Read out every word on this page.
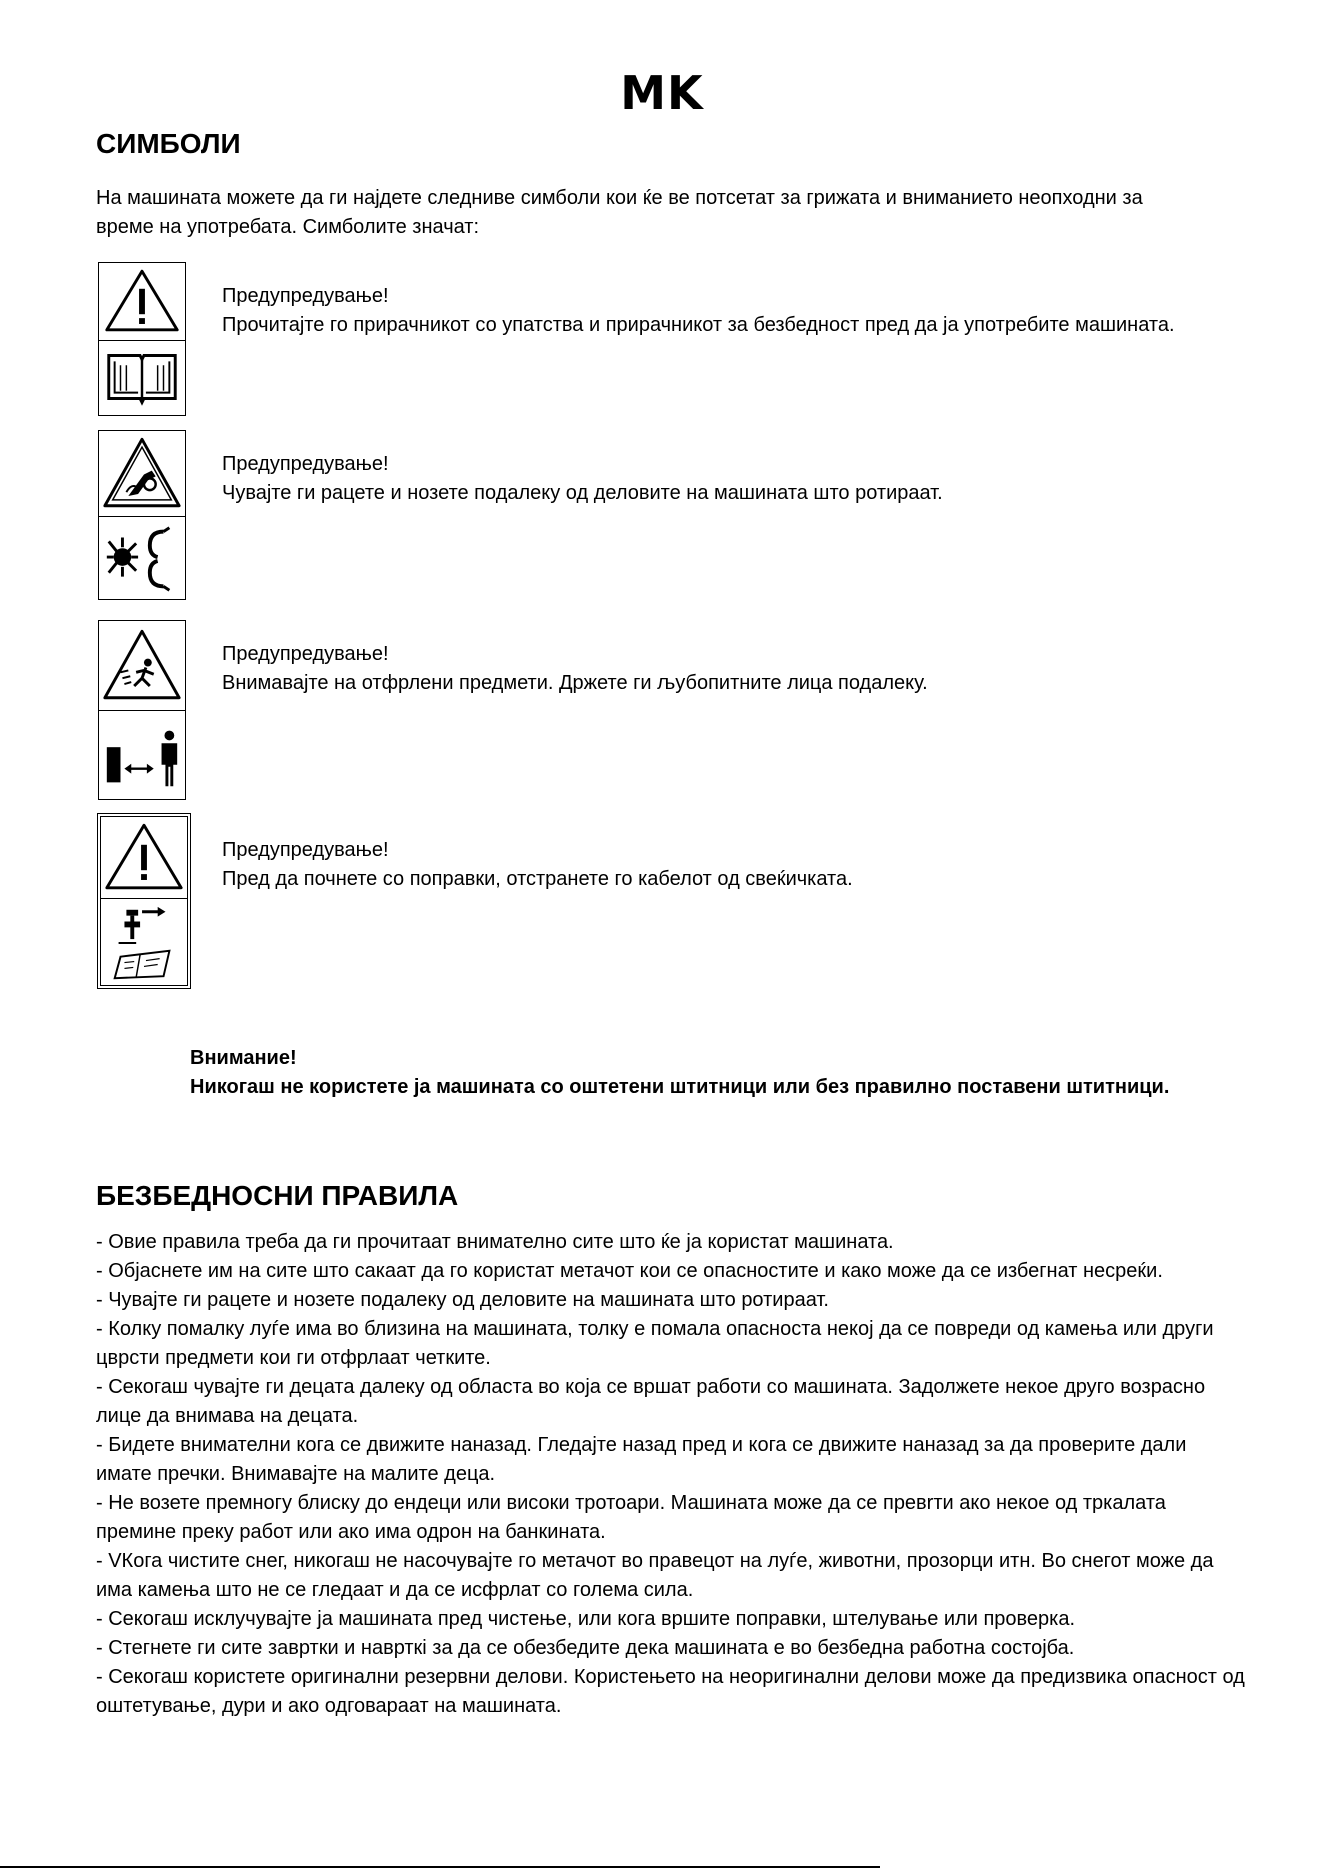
MK
СИМБОЛИ

На машината можете да ги најдете следниве симболи кои ќе ве потсетат за грижата и вниманието неопходни за време на употребата. Симболите значат:

Предупредување!
Прочитајте го прирачникот со упатства и прирачникот за безбедност пред да ја употребите машината.
Предупредување!
Чувајте ги рацете и нозете подалеку од деловите на машината што ротираат.
Предупредување!
Внимавајте на отфрлени предмети. Држете ги љубопитните лица подалеку.
Предупредување!
Пред да почнете со поправки, отстранете го кабелот од свеќичката.
Внимание!
Никогаш не користете ја машината со оштетени штитници или без правилно поставени штитници.
БЕЗБЕДНОСНИ ПРАВИЛА
- Овие правила треба да ги прочитаат внимателно сите што ќе ја користат машината.
- Објаснете им на сите што сакаат да го користат метачот кои се опасностите и како може да се избегнат несреќи.
- Чувајте ги рацете и нозете подалеку од деловите на машината што ротираат.
- Колку помалку луѓе има во близина на машината, толку е помала опасноста некој да се повреди од камења или други цврсти предмети кои ги отфрлаат четките.
- Секогаш чувајте ги децата далеку од областа во која се вршат работи со машината. Задолжете некое друго возрасно лице да внимава на децата.
- Бидете внимателни кога се движите наназад. Гледајте назад пред и кога се движите наназад за да проверите дали имате пречки. Внимавајте на малите деца.
- Не возете премногу блиску до ендеци или високи тротоари. Машината може да се превrти ако некое од тркалата премине преку работ или ако има одрон на банкината.
- VКога чистите снег, никогаш не насочувајте го метачот во правецот на луѓе, животни, прозорци итн. Во снегот може да има камења што не се гледаат и да се исфрлат со голема сила.
- Секогаш исклучувајте ја машината пред чистење, или кога вршите поправки, штелување или проверка.
- Стегнете ги сите завртки и наврткi за да се обезбедите дека машината е во безбедна работна состојба.
- Секогаш користете оригинални резервни делови. Користењето на неоригинални делови може да предизвика опасност од оштетување, дури и ако одговараат на машината.
